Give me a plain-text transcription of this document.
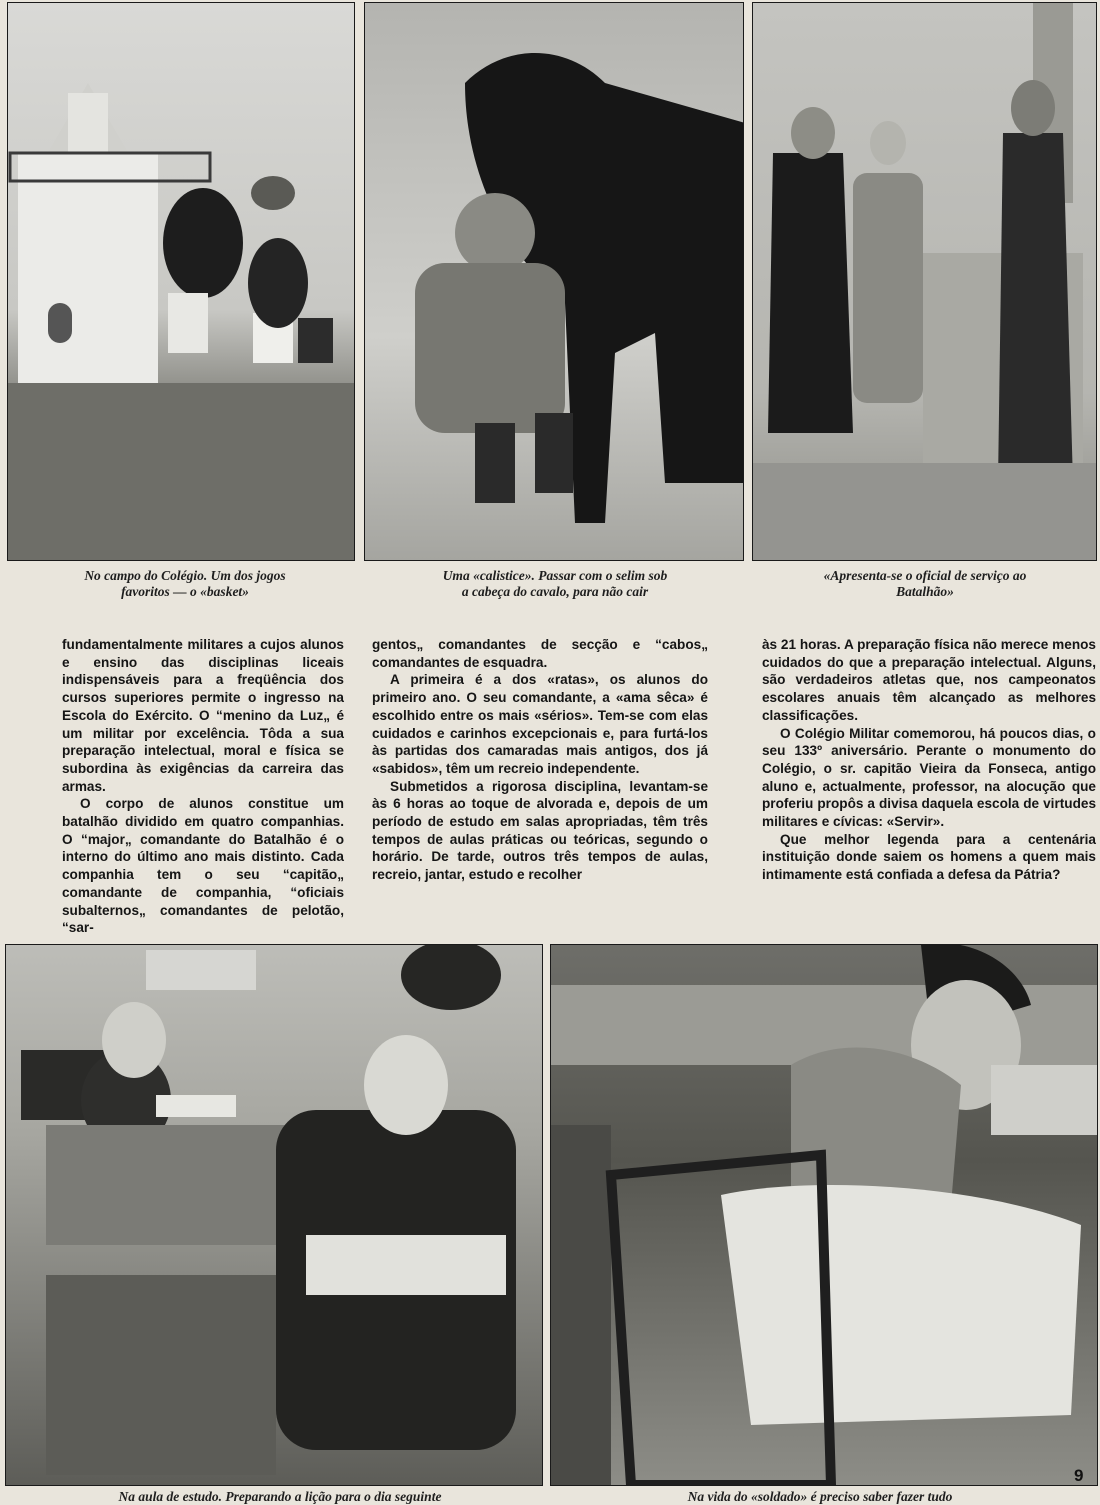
No campo do Colégio. Um dos jogos
favoritos — o «basket»
Uma «calistice». Passar com o selim sob
a cabeça do cavalo, para não cair
«Apresenta-se o oficial de serviço ao
Batalhão»

fundamentalmente militares a cujos alunos e ensino das disciplinas liceais indispensáveis para a freqüência dos cursos superiores permite o ingresso na Escola do Exército. O “menino da Luz„ é um militar por excelência. Tôda a sua preparação intelectual, moral e física se subordina às exigências da carreira das armas.

O corpo de alunos constitue um batalhão dividido em quatro companhias. O “major„ comandante do Batalhão é o interno do último ano mais distinto. Cada companhia tem o seu “capitão„ comandante de companhia, “oficiais subalternos„ comandantes de pelotão, “sar-

gentos„ comandantes de secção e “cabos„ comandantes de esquadra.

A primeira é a dos «ratas», os alunos do primeiro ano. O seu comandante, a «ama sêca» é escolhido entre os mais «sérios». Tem-se com elas cuidados e carinhos excepcionais e, para furtá-los às partidas dos camaradas mais antigos, dos já «sabidos», têm um recreio independente.

Submetidos a rigorosa disciplina, levantam-se às 6 horas ao toque de alvorada e, depois de um período de estudo em salas apropriadas, têm três tempos de aulas práticas ou teóricas, segundo o horário. De tarde, outros três tempos de aulas, recreio, jantar, estudo e recolher

às 21 horas. A preparação física não merece menos cuidados do que a preparação intelectual. Alguns, são verdadeiros atletas que, nos campeonatos escolares anuais têm alcançado as melhores classificações.

O Colégio Militar comemorou, há poucos dias, o seu 133º aniversário. Perante o monumento do Colégio, o sr. capitão Vieira da Fonseca, antigo aluno e, actualmente, professor, na alocução que proferiu propôs a divisa daquela escola de virtudes militares e cívicas: «Servir».

Que melhor legenda para a centenária instituição donde saiem os homens a quem mais intimamente está confiada a defesa da Pátria?

Na aula de estudo. Preparando a lição para o dia seguinte	Na vida do «soldado» é preciso saber fazer tudo
9
